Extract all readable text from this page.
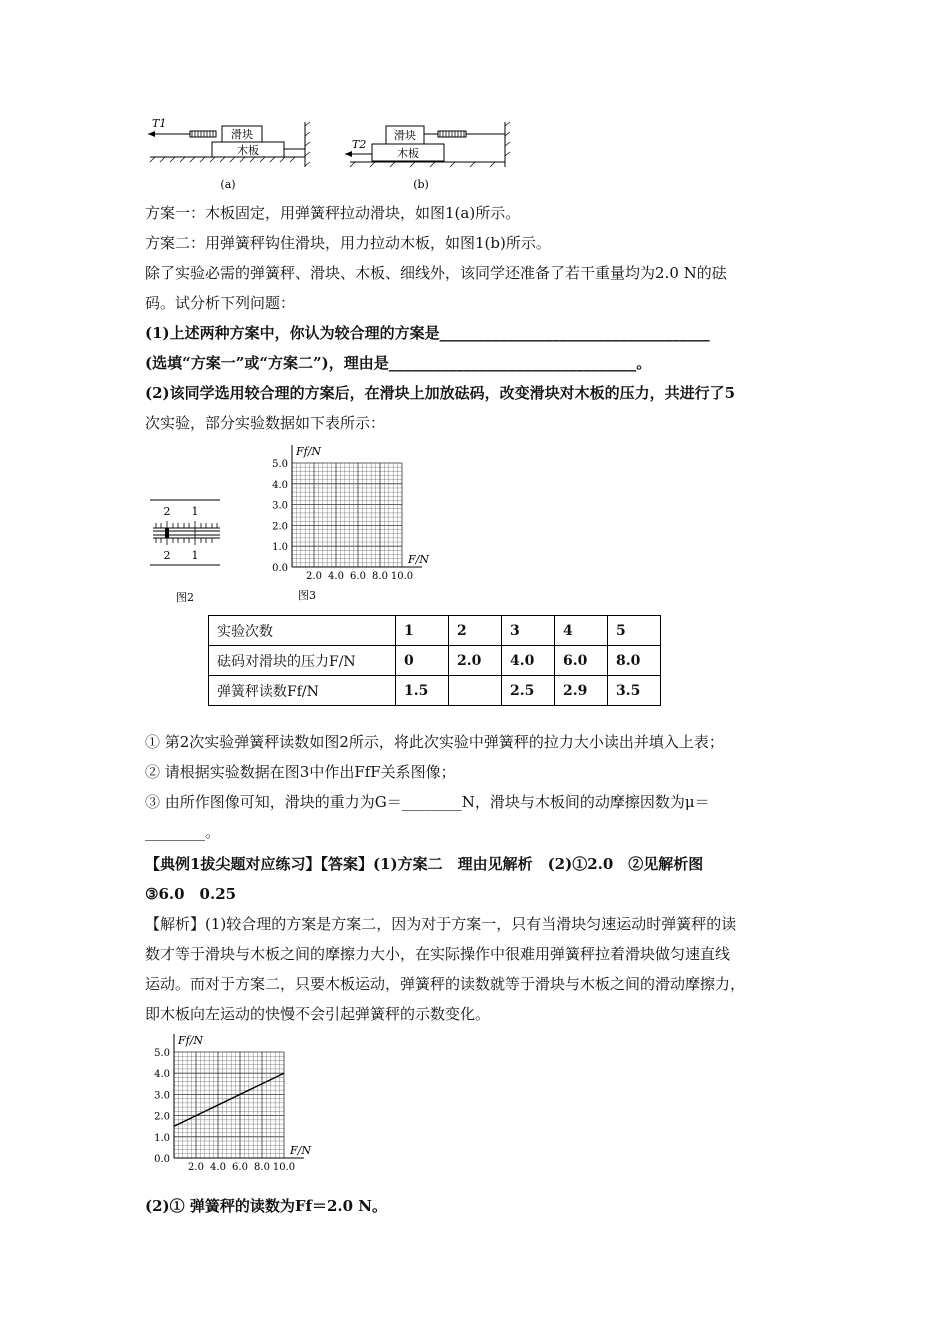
滑块
木板
T1
(a)
滑块
木板
T2
(b)
方案一：木板固定，用弹簧秤拉动滑块，如图1(a)所示。
方案二：用弹簧秤钩住滑块，用力拉动木板，如图1(b)所示。
除了实验必需的弹簧秤、滑块、木板、细线外，该同学还准备了若干重量均为2.0 N的砝
码。试分析下列问题：
(1)上述两种方案中，你认为较合理的方案是____________________________________
(选填“方案一”或“方案二”)，理由是_________________________________。
(2)该同学选用较合理的方案后，在滑块上加放砝码，改变滑块对木板的压力，共进行了5
次实验，部分实验数据如下表所示：
2 1
2 1
图2
5.0
4.0
3.0
2.0
1.0
0.0
2.0 4.0 6.0 8.0 10.0
Ff/N
F/N
图3
实验次数	1	2	3	4	5
砝码对滑块的压力F/N	0	2.0	4.0	6.0	8.0
弹簧秤读数Ff/N	1.5		2.5	2.9	3.5
① 第2次实验弹簧秤读数如图2所示，将此次实验中弹簧秤的拉力大小读出并填入上表；
② 请根据实验数据在图3中作出FfF关系图像；
③ 由所作图像可知，滑块的重力为G＝________N，滑块与木板间的动摩擦因数为μ＝
________。
【典例1拔尖题对应练习】【答案】(1)方案二　理由见解析　(2)①2.0　②见解析图
③6.0　0.25
【解析】(1)较合理的方案是方案二，因为对于方案一，只有当滑块匀速运动时弹簧秤的读
数才等于滑块与木板之间的摩擦力大小，在实际操作中很难用弹簧秤拉着滑块做匀速直线
运动。而对于方案二，只要木板运动，弹簧秤的读数就等于滑块与木板之间的滑动摩擦力，
即木板向左运动的快慢不会引起弹簧秤的示数变化。
5.0
4.0
3.0
2.0
1.0
0.0
2.0 4.0 6.0 8.0 10.0
Ff/N
F/N
(2)① 弹簧秤的读数为Ff＝2.0 N。
